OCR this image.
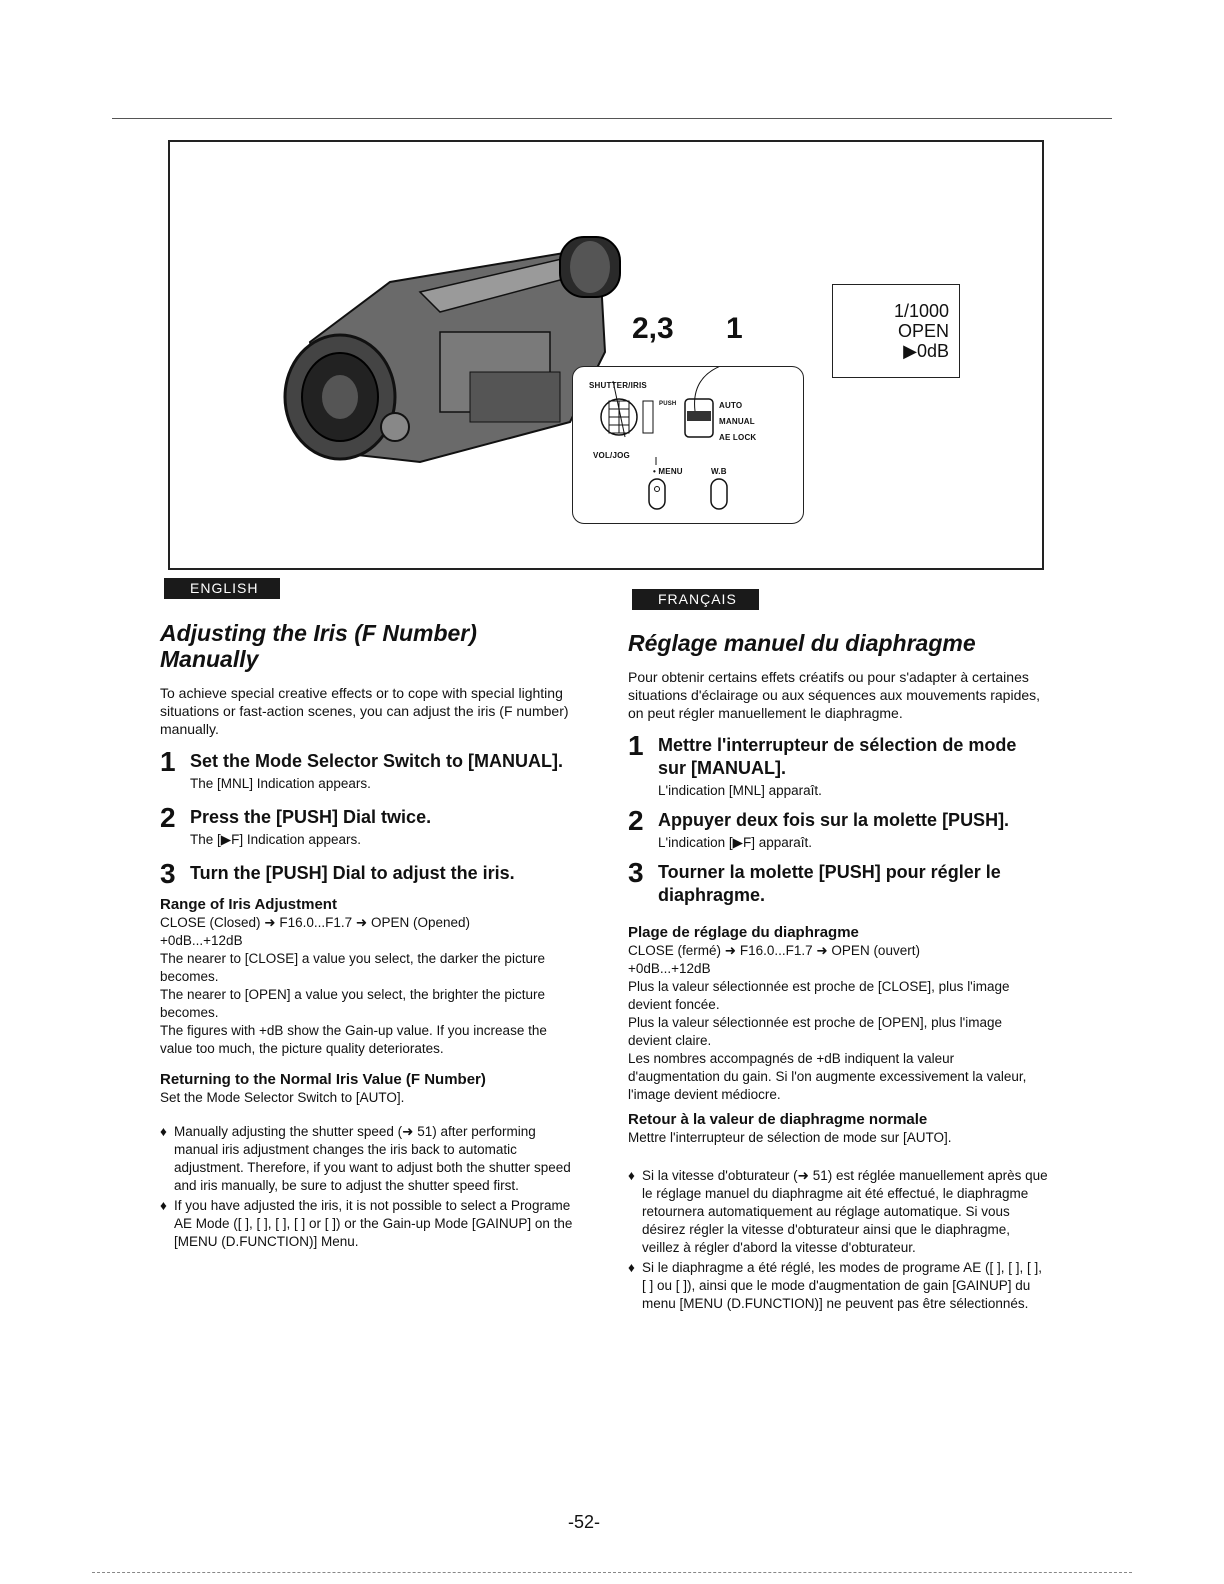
SHUTTER/IRIS
PUSH	AUTO
MANUAL
AE LOCK
VOL/JOG
• MENU	W.B
2,3 1
1/1000
OPEN
▶0dB
ENGLISH
FRANÇAIS
Adjusting the Iris (F Number) Manually

To achieve special creative effects or to cope with special lighting situations or fast-action scenes, you can adjust the iris (F number) manually.

1 Set the Mode Selector Switch to [MANUAL].
The [MNL] Indication appears.
2 Press the [PUSH] Dial twice.
The [▶F] Indication appears.
3 Turn the [PUSH] Dial to adjust the iris.
Range of Iris Adjustment
CLOSE (Closed) ➜ F16.0...F1.7 ➜ OPEN (Opened)
+0dB...+12dB
The nearer to [CLOSE] a value you select, the darker the picture becomes.
The nearer to [OPEN] a value you select, the brighter the picture becomes.
The figures with +dB show the Gain-up value. If you increase the value too much, the picture quality deteriorates.
Returning to the Normal Iris Value (F Number)
Set the Mode Selector Switch to [AUTO].
♦ Manually adjusting the shutter speed (➜ 51) after performing manual iris adjustment changes the iris back to automatic adjustment. Therefore, if you want to adjust both the shutter speed and iris manually, be sure to adjust the shutter speed first.
♦ If you have adjusted the iris, it is not possible to select a Programe AE Mode ([ ], [ ], [ ], [ ] or [ ]) or the Gain-up Mode [GAINUP] on the [MENU (D.FUNCTION)] Menu.
Réglage manuel du diaphragme

Pour obtenir certains effets créatifs ou pour s'adapter à certaines situations d'éclairage ou aux séquences aux mouvements rapides, on peut régler manuellement le diaphragme.

1 Mettre l'interrupteur de sélection de mode sur [MANUAL].
L'indication [MNL] apparaît.
2 Appuyer deux fois sur la molette [PUSH].
L'indication [▶F] apparaît.
3 Tourner la molette [PUSH] pour régler le diaphragme.
Plage de réglage du diaphragme
CLOSE (fermé) ➜ F16.0...F1.7 ➜ OPEN (ouvert)
+0dB...+12dB
Plus la valeur sélectionnée est proche de [CLOSE], plus l'image devient foncée.
Plus la valeur sélectionnée est proche de [OPEN], plus l'image devient claire.
Les nombres accompagnés de +dB indiquent la valeur d'augmentation du gain. Si l'on augmente excessivement la valeur, l'image devient médiocre.
Retour à la valeur de diaphragme normale
Mettre l'interrupteur de sélection de mode sur [AUTO].
♦ Si la vitesse d'obturateur (➜ 51) est réglée manuellement après que le réglage manuel du diaphragme ait été effectué, le diaphragme retournera automatiquement au réglage automatique. Si vous désirez régler la vitesse d'obturateur ainsi que le diaphragme, veillez à régler d'abord la vitesse d'obturateur.
♦ Si le diaphragme a été réglé, les modes de programe AE ([ ], [ ], [ ], [ ] ou [ ]), ainsi que le mode d'augmentation de gain [GAINUP] du menu [MENU (D.FUNCTION)] ne peuvent pas être sélectionnés.
-52-
